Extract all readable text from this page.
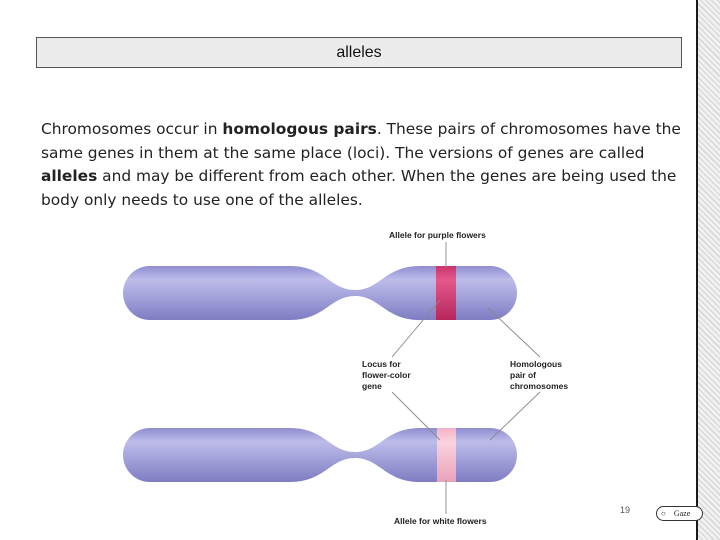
alleles

Chromosomes occur in homologous pairs. These pairs of chromosomes have the same genes in them at the same place (loci). The versions of genes are called alleles and may be different from each other. When the genes are being used the body only needs to use one of the alleles.

Allele for purple flowers
Locus for
flower-color
gene
Homologous
pair of
chromosomes
Allele for white flowers
19	○ Gaze
